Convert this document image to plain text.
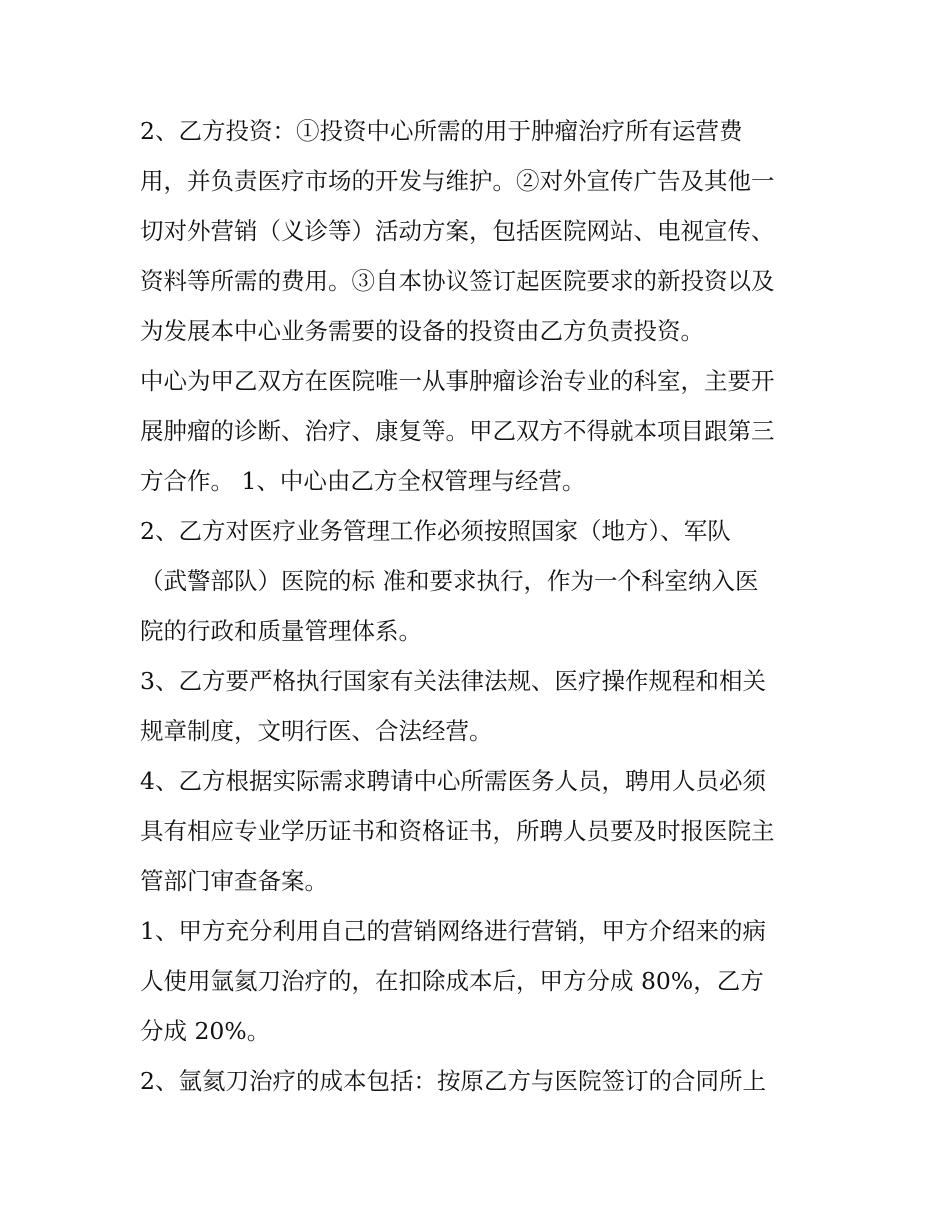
2、乙方投资：①投资中心所需的用于肿瘤治疗所有运营费
用，并负责医疗市场的开发与维护。②对外宣传广告及其他一
切对外营销（义诊等）活动方案，包括医院网站、电视宣传、
资料等所需的费用。③自本协议签订起医院要求的新投资以及
为发展本中心业务需要的设备的投资由乙方负责投资。
中心为甲乙双方在医院唯一从事肿瘤诊治专业的科室，主要开
展肿瘤的诊断、治疗、康复等。甲乙双方不得就本项目跟第三
方合作。 1、中心由乙方全权管理与经营。
2、乙方对医疗业务管理工作必须按照国家（地方）、军队
（武警部队）医院的标 准和要求执行，作为一个科室纳入医
院的行政和质量管理体系。
3、乙方要严格执行国家有关法律法规、医疗操作规程和相关
规章制度，文明行医、合法经营。
4、乙方根据实际需求聘请中心所需医务人员，聘用人员必须
具有相应专业学历证书和资格证书，所聘人员要及时报医院主
管部门审查备案。
1、甲方充分利用自己的营销网络进行营销，甲方介绍来的病
人使用氩氦刀治疗的，在扣除成本后，甲方分成 80%，乙方
分成 20%。
2、氩氦刀治疗的成本包括：按原乙方与医院签订的合同所上
